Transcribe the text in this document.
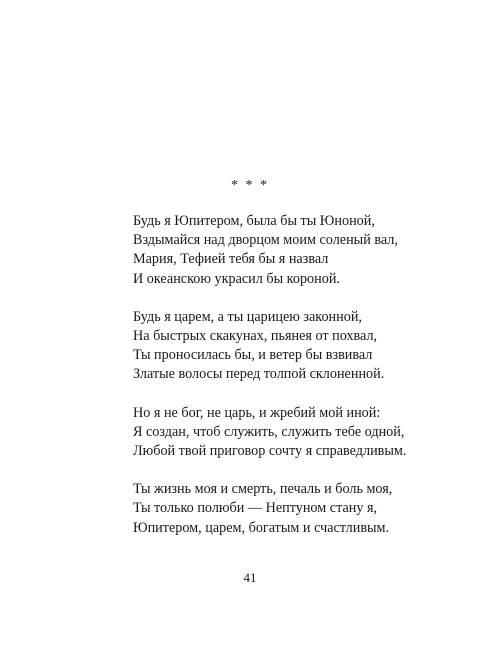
* * *
Будь я Юпитером, была бы ты Юноной,
Вздымайся над дворцом моим соленый вал,
Мария, Тефией тебя бы я назвал
И океанскою украсил бы короной.
Будь я царем, а ты царицею законной,
На быстрых скакунах, пьянея от похвал,
Ты проносилась бы, и ветер бы взвивал
Златые волосы перед толпой склоненной.
Но я не бог, не царь, и жребий мой иной:
Я создан, чтоб служить, служить тебе одной,
Любой твой приговор сочту я справедливым.
Ты жизнь моя и смерть, печаль и боль моя,
Ты только полюби — Нептуном стану я,
Юпитером, царем, богатым и счастливым.
41
